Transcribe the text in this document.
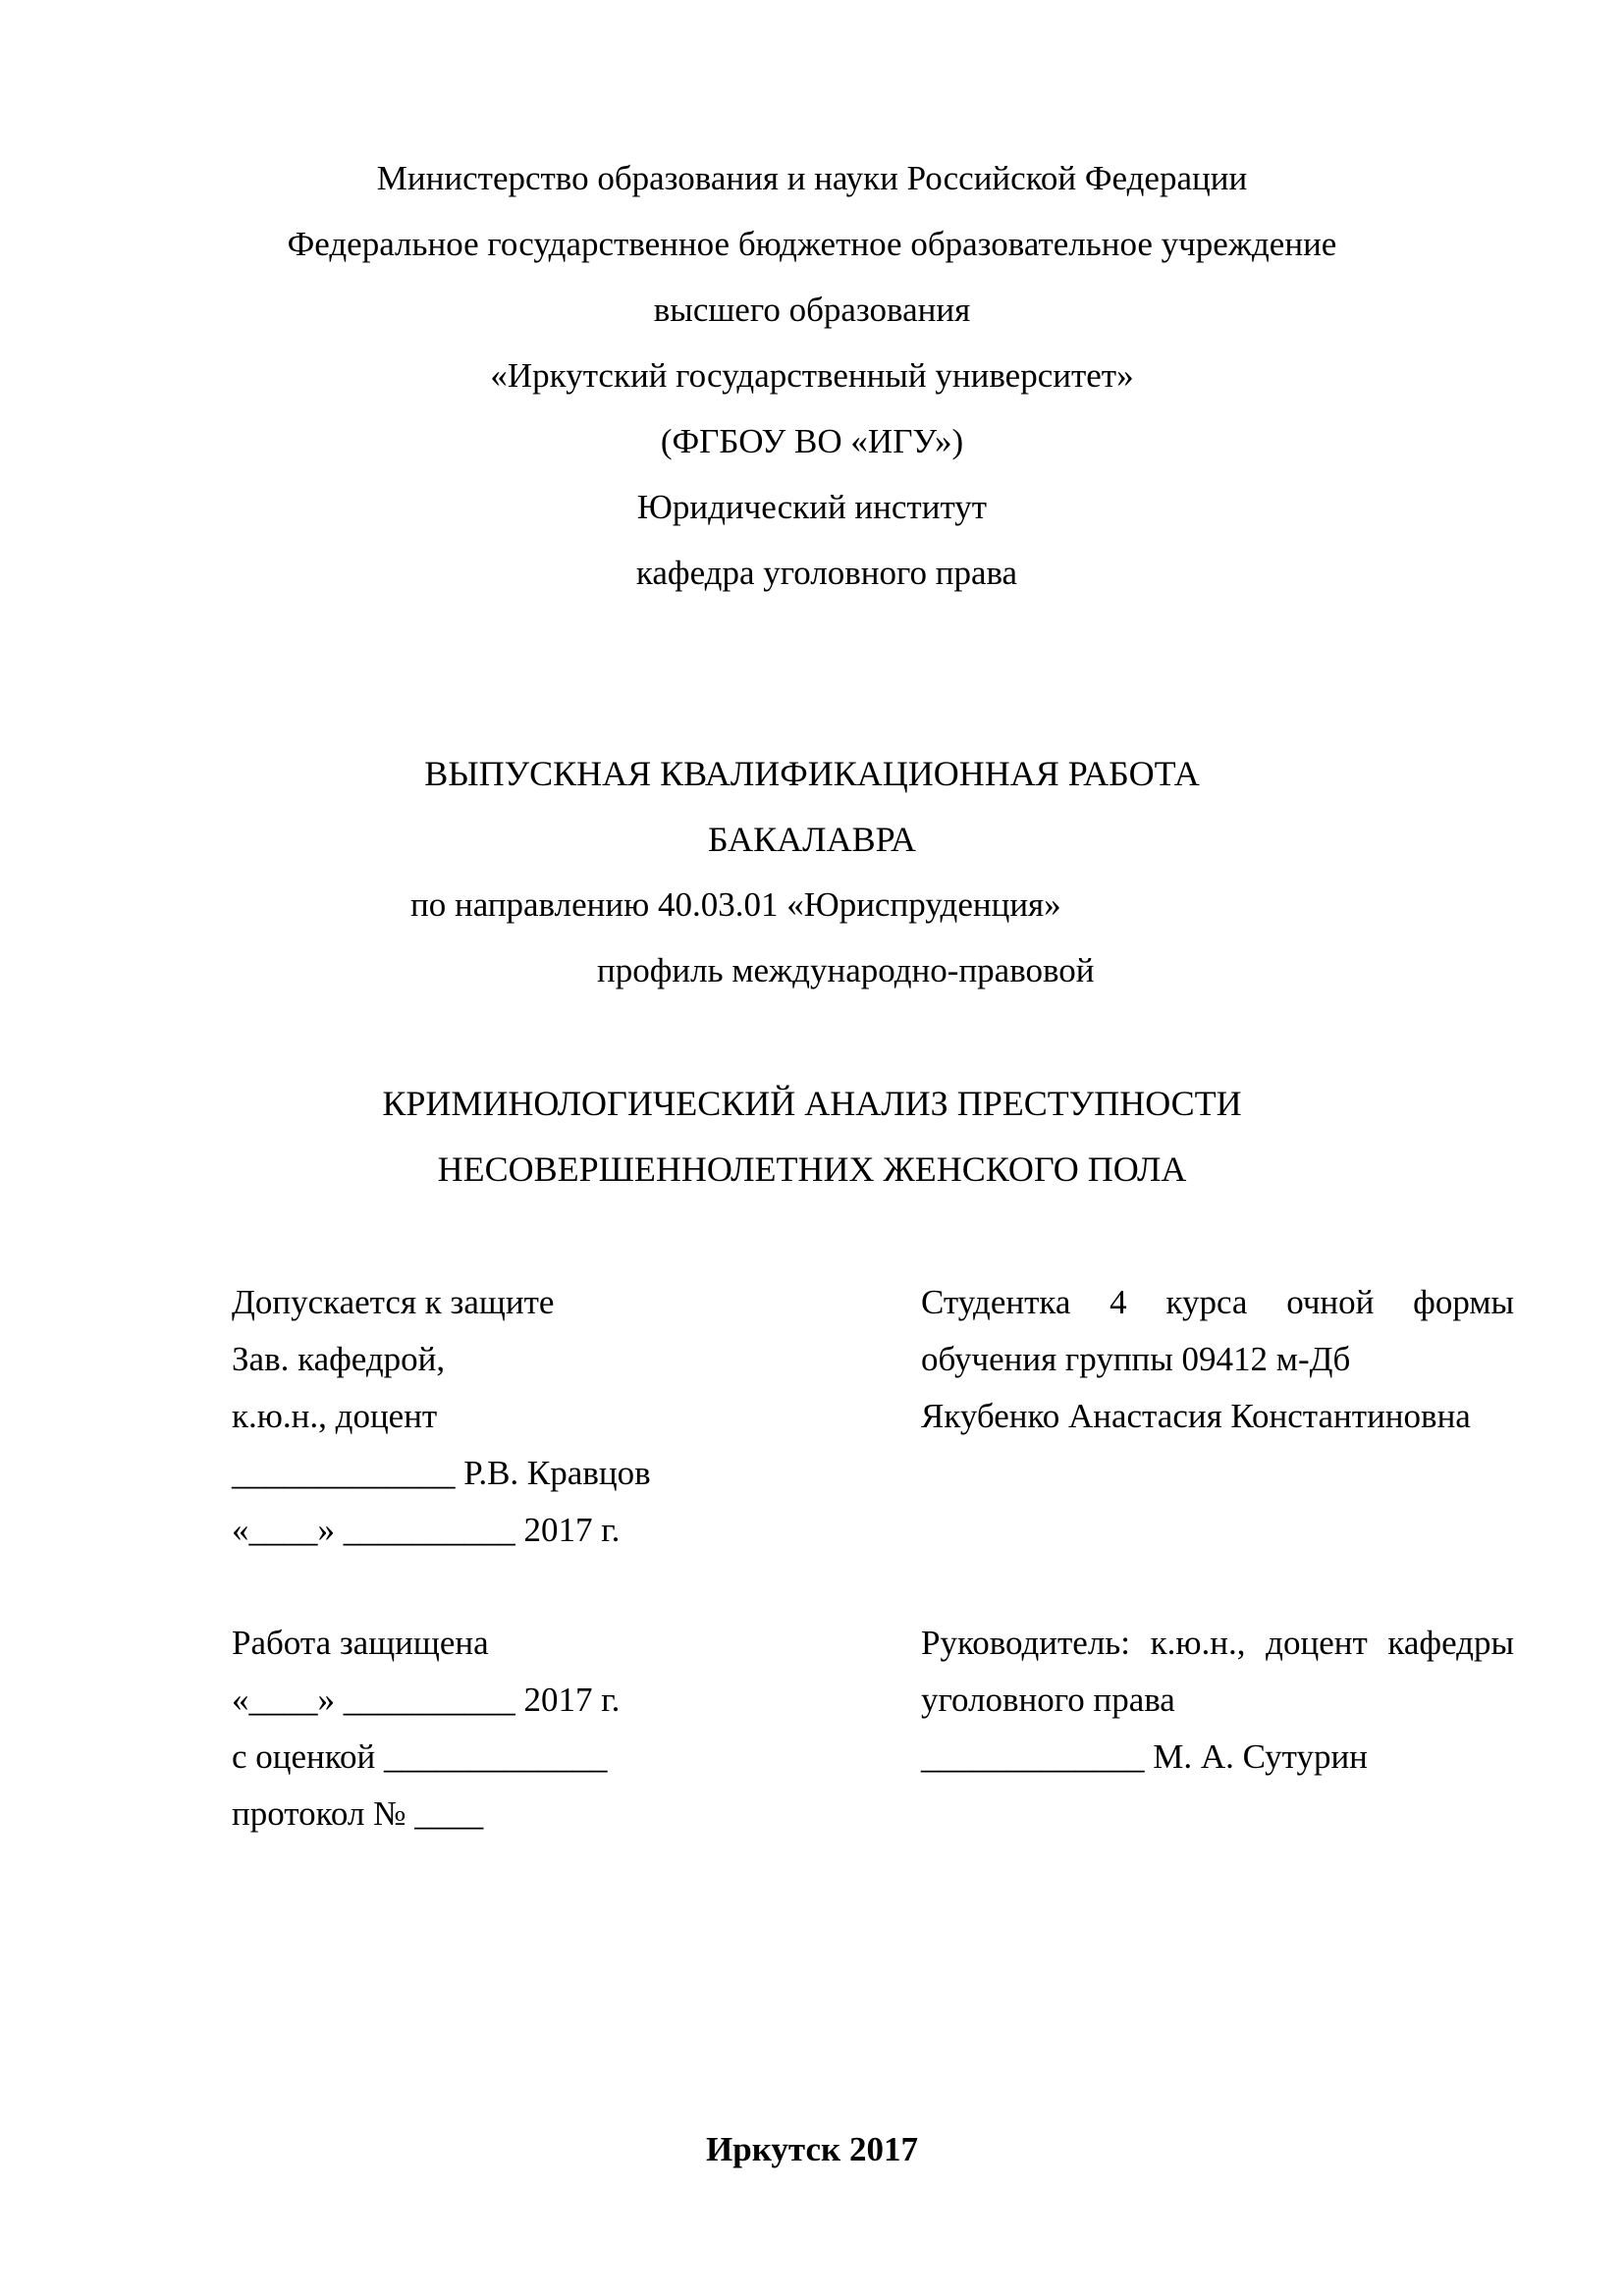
Министерство образования и науки Российской Федерации
Федеральное государственное бюджетное образовательное учреждение
высшего образования
«Иркутский государственный университет»
(ФГБОУ ВО «ИГУ»)
Юридический институт
кафедра уголовного права
ВЫПУСКНАЯ КВАЛИФИКАЦИОННАЯ РАБОТА
БАКАЛАВРА
по направлению 40.03.01 «Юриспруденция»
профиль международно-правовой
КРИМИНОЛОГИЧЕСКИЙ АНАЛИЗ ПРЕСТУПНОСТИ
НЕСОВЕРШЕННОЛЕТНИХ ЖЕНСКОГО ПОЛА
Допускается к защите
Зав. кафедрой,
к.ю.н., доцент
_____________ Р.В. Кравцов
«____» __________ 2017 г.
Студентка 4 курса очной формы
обучения группы 09412 м-Дб
Якубенко Анастасия Константиновна
Работа защищена
«____» __________ 2017 г.
с оценкой _____________
протокол № ____
Руководитель: к.ю.н., доцент кафедры
уголовного права
_____________ М. А. Сутурин
Иркутск 2017
